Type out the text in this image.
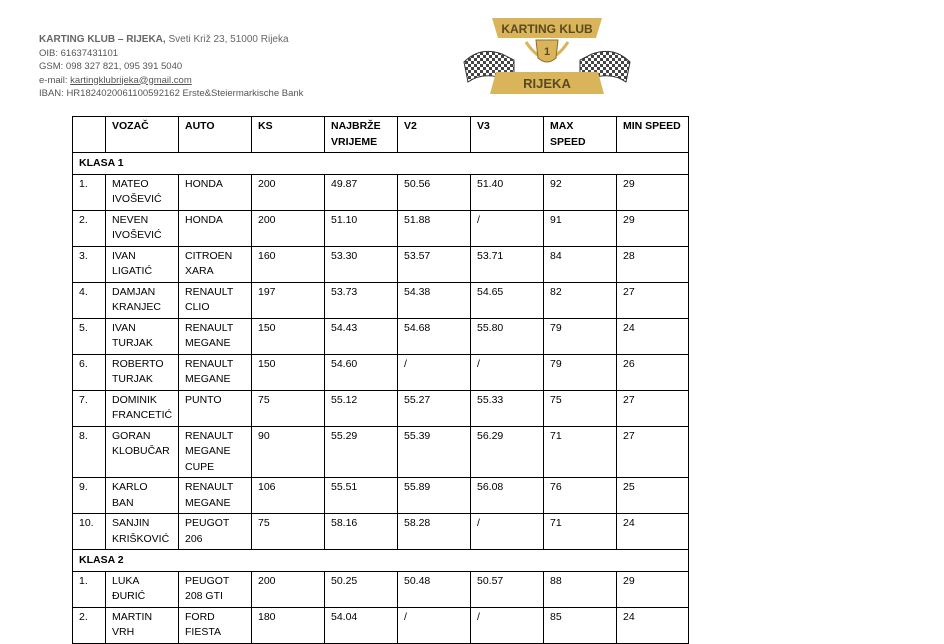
KARTING KLUB – RIJEKA, Sveti Križ 23, 51000 Rijeka
OIB: 61637431101
GSM: 098 327 821, 095 391 5040
e-mail: kartingklubrijeka@gmail.com
IBAN: HR1824020061100592162 Erste&Steiermarkische Bank
KARTING KLUB
1
RIJEKA
	VOZAČ	AUTO	KS	NAJBRŽE VRIJEME	V2	V3	MAX SPEED	MIN SPEED
KLASA 1								
1.	MATEO IVOŠEVIĆ	HONDA	200	49.87	50.56	51.40	92	29
2.	NEVEN IVOŠEVIĆ	HONDA	200	51.10	51.88	/	91	29
3.	IVAN LIGATIĆ	CITROEN XARA	160	53.30	53.57	53.71	84	28
4.	DAMJAN KRANJEC	RENAULT CLIO	197	53.73	54.38	54.65	82	27
5.	IVAN TURJAK	RENAULT MEGANE	150	54.43	54.68	55.80	79	24
6.	ROBERTO TURJAK	RENAULT MEGANE	150	54.60	/	/	79	26
7.	DOMINIK FRANCETIĆ	PUNTO	75	55.12	55.27	55.33	75	27
8.	GORAN KLOBUČAR	RENAULT MEGANE CUPE	90	55.29	55.39	56.29	71	27
9.	KARLO BAN	RENAULT MEGANE	106	55.51	55.89	56.08	76	25
10.	SANJIN KRIŠKOVIĆ	PEUGOT 206	75	58.16	58.28	/	71	24
KLASA 2								
1.	LUKA ĐURIĆ	PEUGOT 208 GTI	200	50.25	50.48	50.57	88	29
2.	MARTIN VRH	FORD FIESTA	180	54.04	/	/	85	24
